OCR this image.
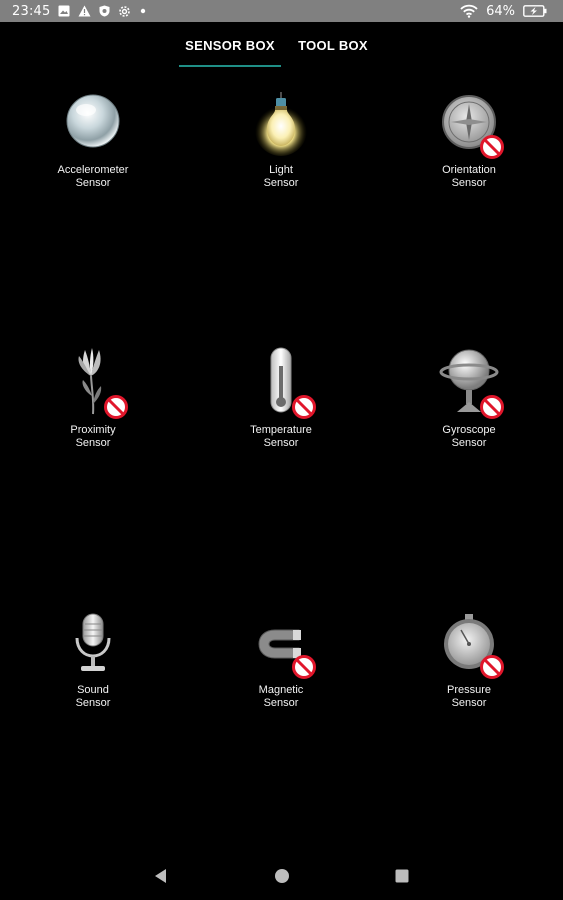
23:45	64%
SENSOR BOX	TOOL BOX
Accelerometer
Sensor
Light
Sensor
Orientation
Sensor
Proximity
Sensor
Temperature
Sensor
Gyroscope
Sensor
Sound
Sensor
Magnetic
Sensor
Pressure
Sensor
